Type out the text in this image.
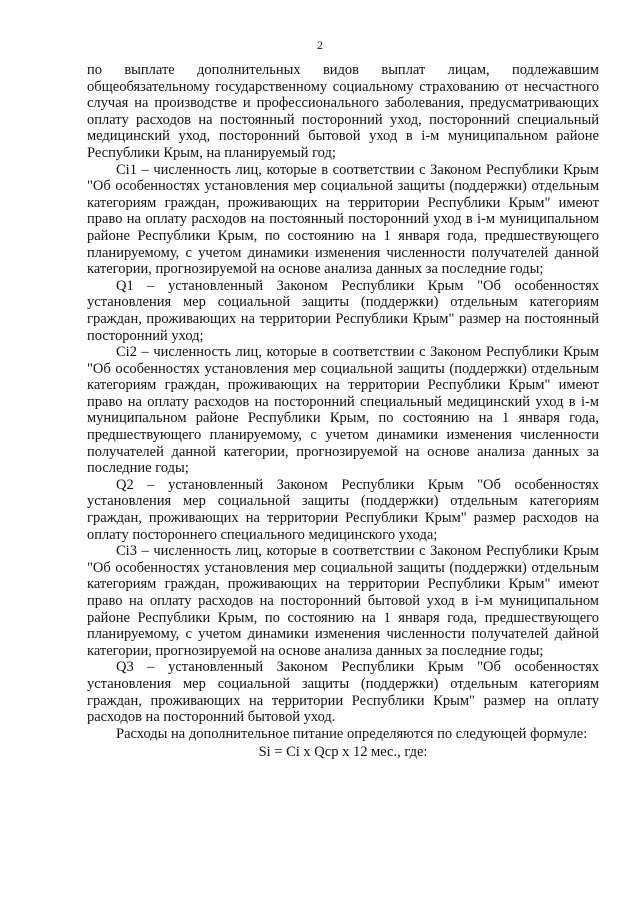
2

по выплате дополнительных видов выплат лицам, подлежавшим общеобязательному государственному социальному страхованию от несчастного случая на производстве и профессионального заболевания, предусматривающих оплату расходов на постоянный посторонний уход, посторонний специальный медицинский уход, посторонний бытовой уход в i-м муниципальном районе Республики Крым, на планируемый год;

Ci1 – численность лиц, которые в соответствии с Законом Республики Крым "Об особенностях установления мер социальной защиты (поддержки) отдельным категориям граждан, проживающих на территории Республики Крым" имеют право на оплату расходов на постоянный посторонний уход в i-м муниципальном районе Республики Крым, по состоянию на 1 января года, предшествующего планируемому, с учетом динамики изменения численности получателей данной категории, прогнозируемой на основе анализа данных за последние годы;

Q1 – установленный Законом Республики Крым "Об особенностях установления мер социальной защиты (поддержки) отдельным категориям граждан, проживающих на территории Республики Крым" размер на постоянный посторонний уход;

Ci2 – численность лиц, которые в соответствии с Законом Республики Крым "Об особенностях установления мер социальной защиты (поддержки) отдельным категориям граждан, проживающих на территории Республики Крым" имеют право на оплату расходов на посторонний специальный медицинский уход в i-м муниципальном районе Республики Крым, по состоянию на 1 января года, предшествующего планируемому, с учетом динамики изменения численности получателей данной категории, прогнозируемой на основе анализа данных за последние годы;

Q2 – установленный Законом Республики Крым "Об особенностях установления мер социальной защиты (поддержки) отдельным категориям граждан, проживающих на территории Республики Крым" размер расходов на оплату постороннего специального медицинского ухода;

Ci3 – численность лиц, которые в соответствии с Законом Республики Крым "Об особенностях установления мер социальной защиты (поддержки) отдельным категориям граждан, проживающих на территории Республики Крым" имеют право на оплату расходов на посторонний бытовой уход в i-м муниципальном районе Республики Крым, по состоянию на 1 января года, предшествующего планируемому, с учетом динамики изменения численности получателей дайной категории, прогнозируемой на основе анализа данных за последние годы;

Q3 – установленный Законом Республики Крым "Об особенностях установления мер социальной защиты (поддержки) отдельным категориям граждан, проживающих на территории Республики Крым" размер на оплату расходов на посторонний бытовой уход.

Расходы на дополнительное питание определяются по следующей формуле:

Si = Ci x Qcp x 12 мес., где:
